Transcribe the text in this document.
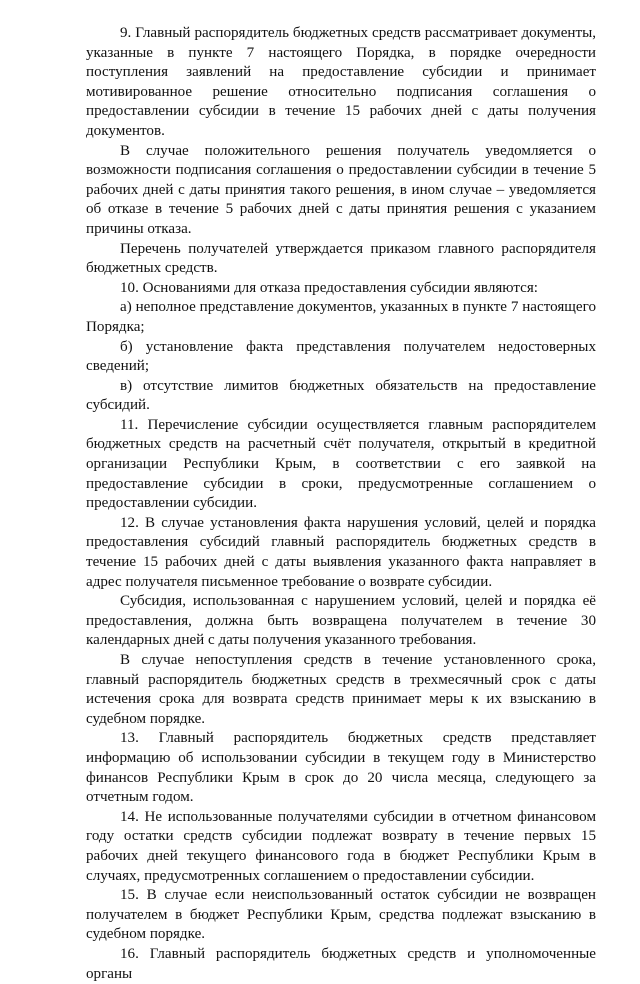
9. Главный распорядитель бюджетных средств рассматривает документы, указанные в пункте 7 настоящего Порядка, в порядке очередности поступления заявлений на предоставление субсидии и принимает мотивированное решение относительно подписания соглашения о предоставлении субсидии в течение 15 рабочих дней с даты получения документов.

В случае положительного решения получатель уведомляется о возможности подписания соглашения о предоставлении субсидии в течение 5 рабочих дней с даты принятия такого решения, в ином случае – уведомляется об отказе в течение 5 рабочих дней с даты принятия решения с указанием причины отказа.

Перечень получателей утверждается приказом главного распорядителя бюджетных средств.

10. Основаниями для отказа предоставления субсидии являются:

а) неполное представление документов, указанных в пункте 7 настоящего Порядка;

б) установление факта представления получателем недостоверных сведений;

в) отсутствие лимитов бюджетных обязательств на предоставление субсидий.

11. Перечисление субсидии осуществляется главным распорядителем бюджетных средств на расчетный счёт получателя, открытый в кредитной организации Республики Крым, в соответствии с его заявкой на предоставление субсидии в сроки, предусмотренные соглашением о предоставлении субсидии.

12. В случае установления факта нарушения условий, целей и порядка предоставления субсидий главный распорядитель бюджетных средств в течение 15 рабочих дней с даты выявления указанного факта направляет в адрес получателя письменное требование о возврате субсидии.

Субсидия, использованная с нарушением условий, целей и порядка её предоставления, должна быть возвращена получателем в течение 30 календарных дней с даты получения указанного требования.

В случае непоступления средств в течение установленного срока, главный распорядитель бюджетных средств в трехмесячный срок с даты истечения срока для возврата средств принимает меры к их взысканию в судебном порядке.

13. Главный распорядитель бюджетных средств представляет информацию об использовании субсидии в текущем году в Министерство финансов Республики Крым в срок до 20 числа месяца, следующего за отчетным годом.

14. Не использованные получателями субсидии в отчетном финансовом году остатки средств субсидии подлежат возврату в течение первых 15 рабочих дней текущего финансового года в бюджет Республики Крым в случаях, предусмотренных соглашением о предоставлении субсидии.

15. В случае если неиспользованный остаток субсидии не возвращен получателем в бюджет Республики Крым, средства подлежат взысканию в судебном порядке.

16. Главный распорядитель бюджетных средств и уполномоченные органы
